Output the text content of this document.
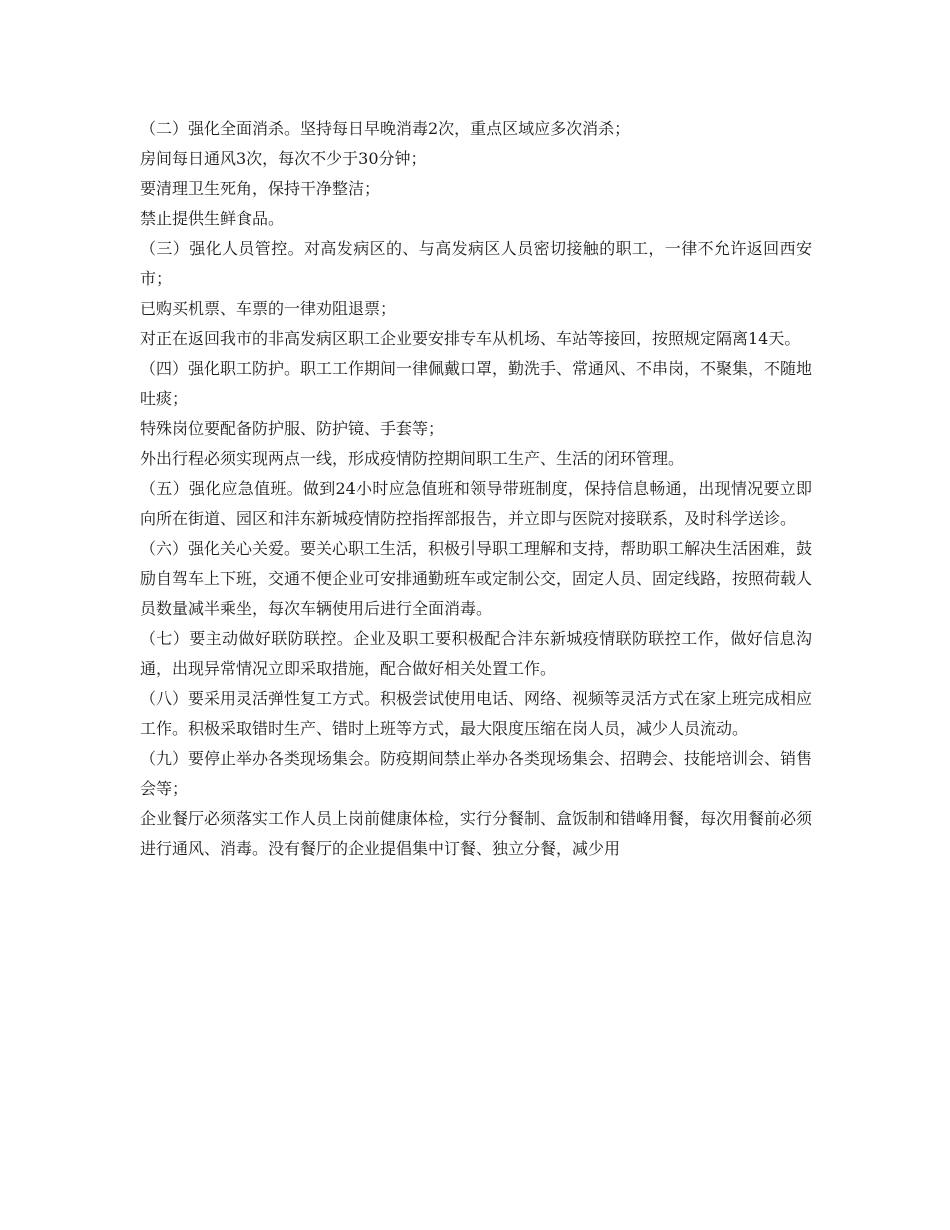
（二）强化全面消杀。坚持每日早晚消毒2次，重点区域应多次消杀；

房间每日通风3次，每次不少于30分钟；

要清理卫生死角，保持干净整洁；

禁止提供生鲜食品。

（三）强化人员管控。对高发病区的、与高发病区人员密切接触的职工，一律不允许返回西安市；

已购买机票、车票的一律劝阻退票；

对正在返回我市的非高发病区职工企业要安排专车从机场、车站等接回，按照规定隔离14天。

（四）强化职工防护。职工工作期间一律佩戴口罩，勤洗手、常通风、不串岗，不聚集，不随地吐痰；

特殊岗位要配备防护服、防护镜、手套等；

外出行程必须实现两点一线，形成疫情防控期间职工生产、生活的闭环管理。

（五）强化应急值班。做到24小时应急值班和领导带班制度，保持信息畅通，出现情况要立即向所在街道、园区和沣东新城疫情防控指挥部报告，并立即与医院对接联系，及时科学送诊。

（六）强化关心关爱。要关心职工生活，积极引导职工理解和支持，帮助职工解决生活困难，鼓励自驾车上下班，交通不便企业可安排通勤班车或定制公交，固定人员、固定线路，按照荷载人员数量减半乘坐，每次车辆使用后进行全面消毒。

（七）要主动做好联防联控。企业及职工要积极配合沣东新城疫情联防联控工作，做好信息沟通，出现异常情况立即采取措施，配合做好相关处置工作。

（八）要采用灵活弹性复工方式。积极尝试使用电话、网络、视频等灵活方式在家上班完成相应工作。积极采取错时生产、错时上班等方式，最大限度压缩在岗人员，减少人员流动。

（九）要停止举办各类现场集会。防疫期间禁止举办各类现场集会、招聘会、技能培训会、销售会等；

企业餐厅必须落实工作人员上岗前健康体检，实行分餐制、盒饭制和错峰用餐，每次用餐前必须进行通风、消毒。没有餐厅的企业提倡集中订餐、独立分餐，减少用
